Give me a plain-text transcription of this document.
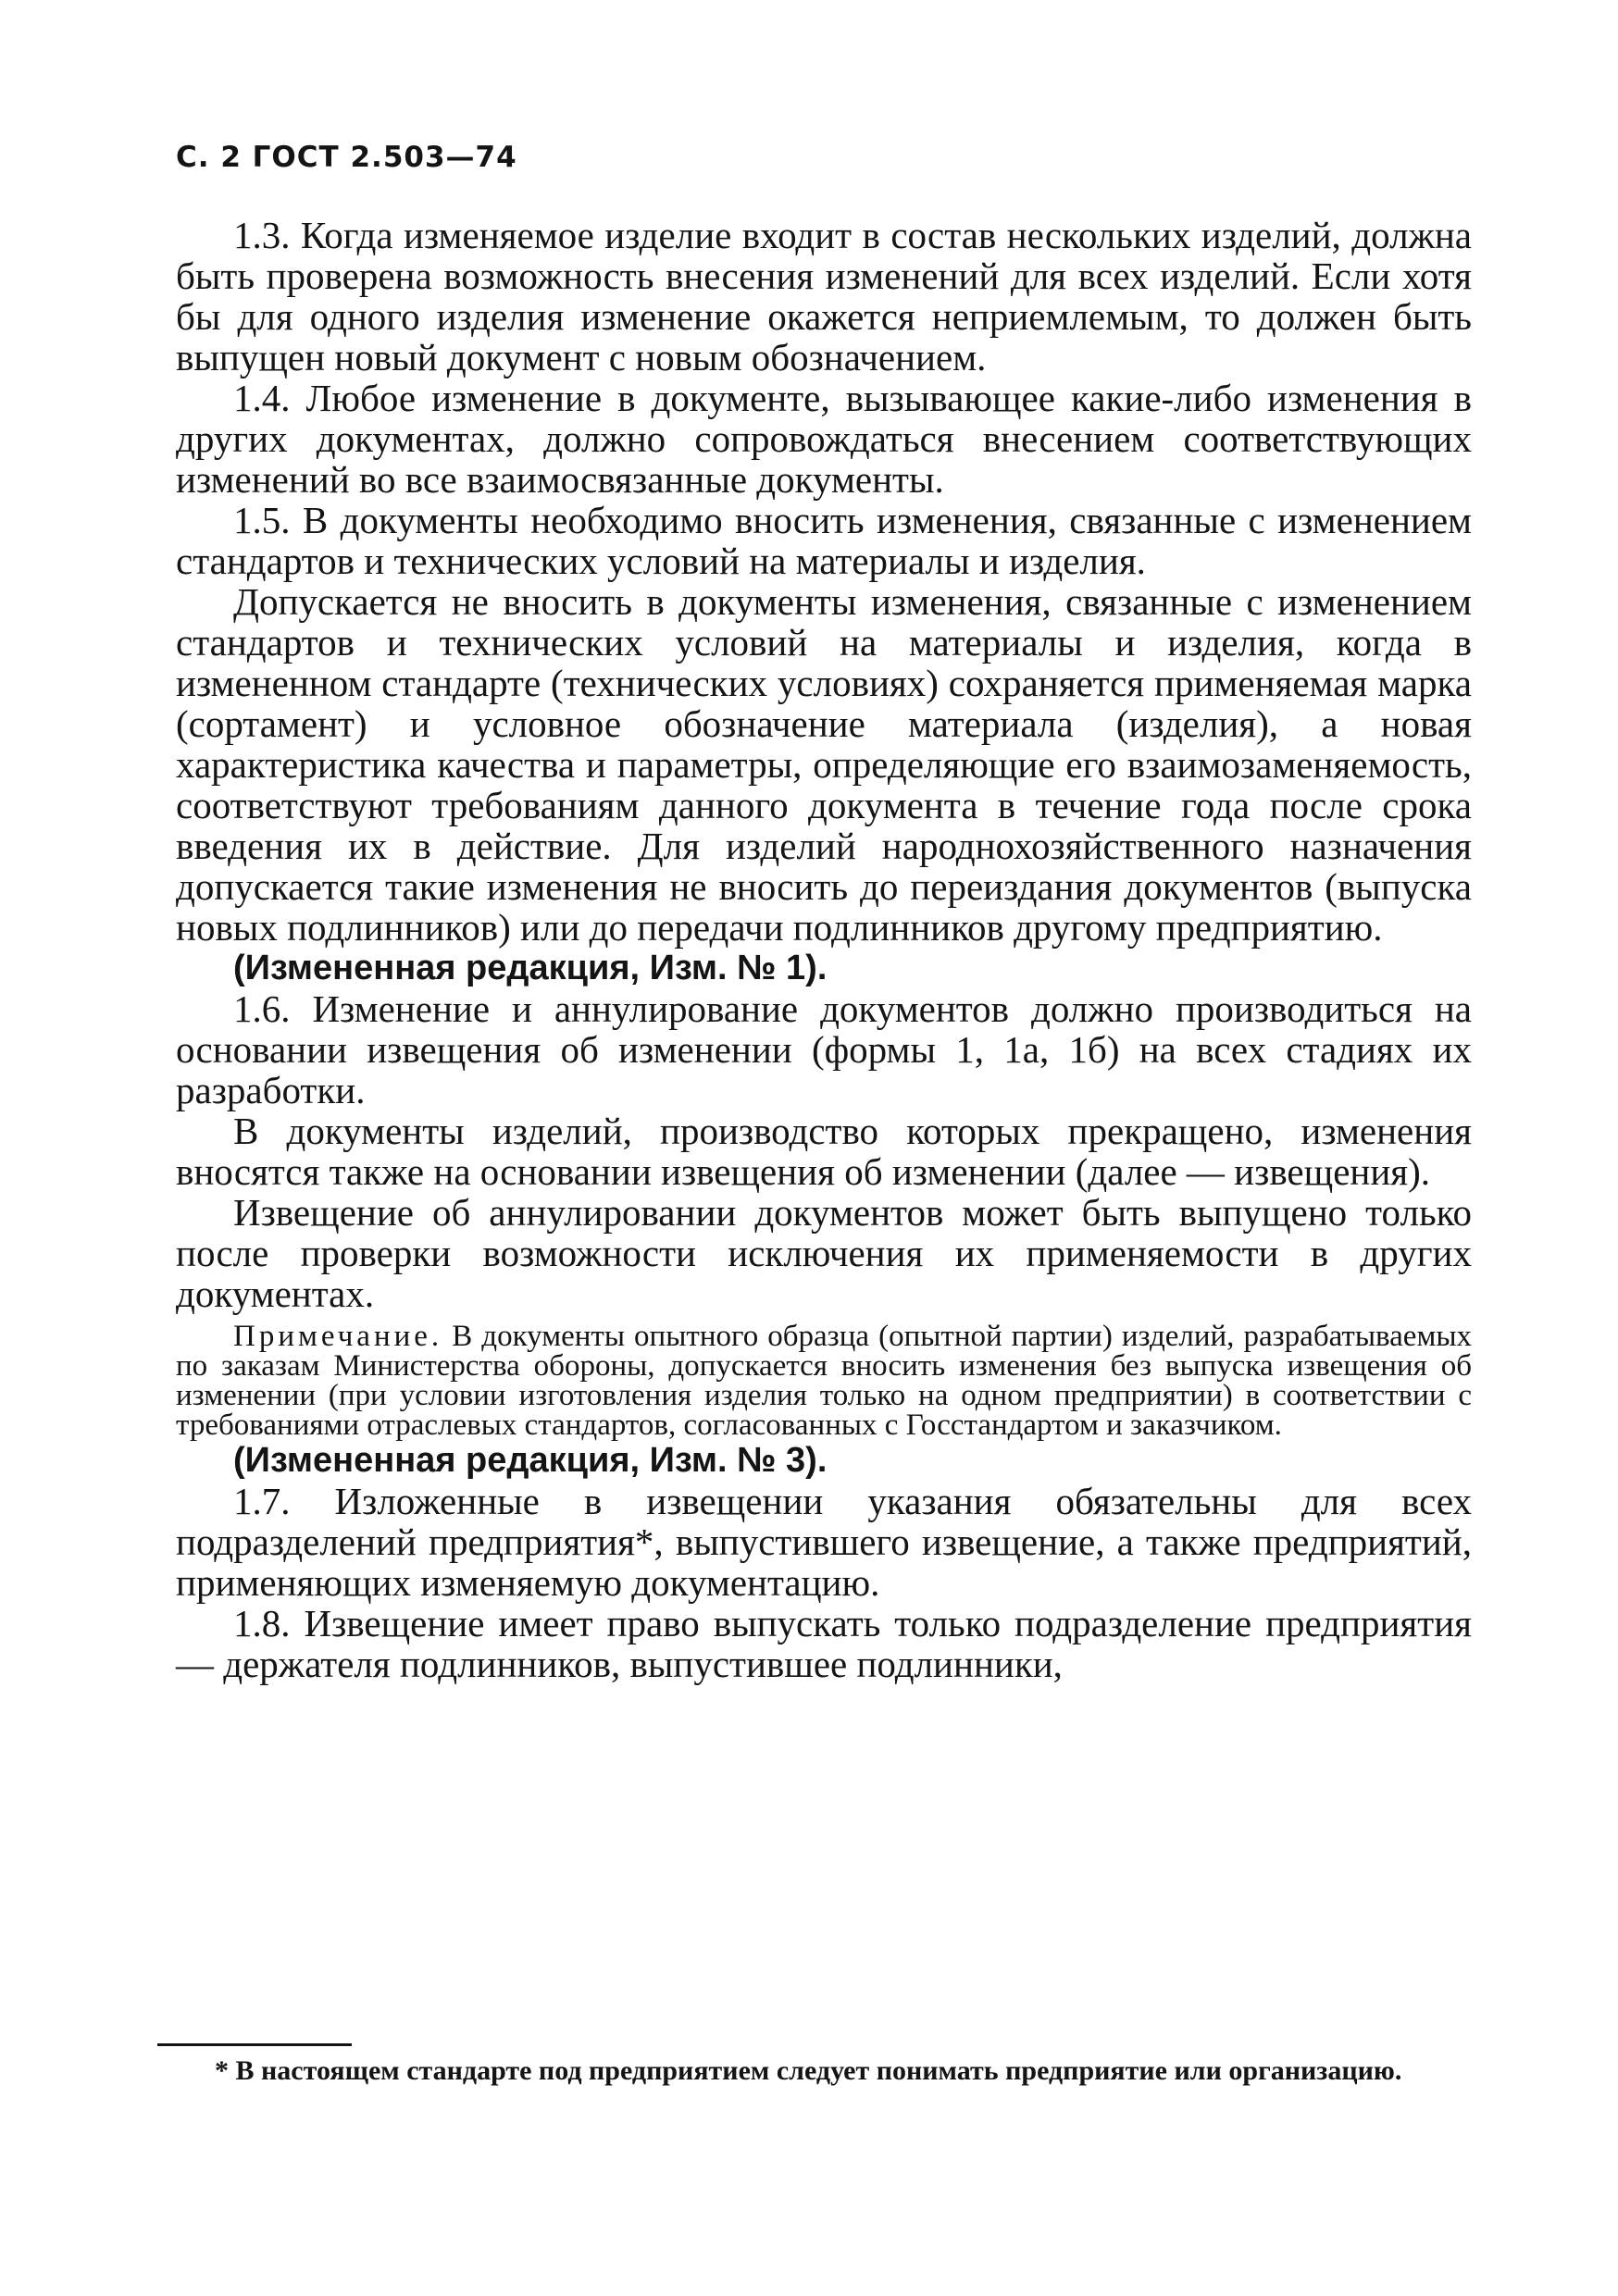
С. 2 ГОСТ 2.503—74

1.3. Когда изменяемое изделие входит в состав нескольких изделий, должна быть проверена возможность внесения изменений для всех изделий. Если хотя бы для одного изделия изменение окажется неприемлемым, то должен быть выпущен новый документ с новым обозначением.

1.4. Любое изменение в документе, вызывающее какие-либо изменения в других документах, должно сопровождаться внесением соответствующих изменений во все взаимосвязанные документы.

1.5. В документы необходимо вносить изменения, связанные с изменением стандартов и технических условий на материалы и изделия.

Допускается не вносить в документы изменения, связанные с изменением стандартов и технических условий на материалы и изделия, когда в измененном стандарте (технических условиях) сохраняется применяемая марка (сортамент) и условное обозначение материала (изделия), а новая характеристика качества и параметры, определяющие его взаимозаменяемость, соответствуют требованиям данного документа в течение года после срока введения их в действие. Для изделий народнохозяйственного назначения допускается такие изменения не вносить до переиздания документов (выпуска новых подлинников) или до передачи подлинников другому предприятию.

(Измененная редакция, Изм. № 1).

1.6. Изменение и аннулирование документов должно производиться на основании извещения об изменении (формы 1, 1а, 1б) на всех стадиях их разработки.

В документы изделий, производство которых прекращено, изменения вносятся также на основании извещения об изменении (далее — извещения).

Извещение об аннулировании документов может быть выпущено только после проверки возможности исключения их применяемости в других документах.

Примечание. В документы опытного образца (опытной партии) изделий, разрабатываемых по заказам Министерства обороны, допускается вносить изменения без выпуска извещения об изменении (при условии изготовления изделия только на одном предприятии) в соответствии с требованиями отраслевых стандартов, согласованных с Госстандартом и заказчиком.

(Измененная редакция, Изм. № 3).

1.7. Изложенные в извещении указания обязательны для всех подразделений предприятия*, выпустившего извещение, а также предприятий, применяющих изменяемую документацию.

1.8. Извещение имеет право выпускать только подразделение предприятия — держателя подлинников, выпустившее подлинники,

* В настоящем стандарте под предприятием следует понимать предприятие или организацию.
